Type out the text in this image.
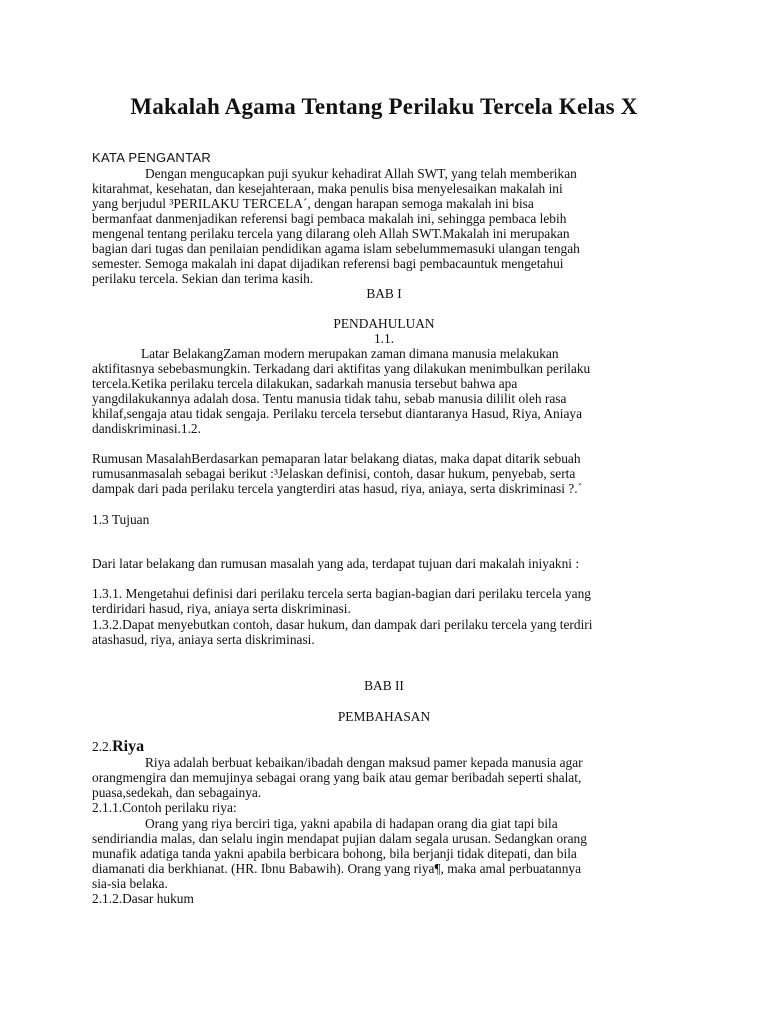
Makalah Agama Tentang Perilaku Tercela Kelas X
KATA PENGANTAR
Dengan mengucapkan puji syukur kehadirat Allah SWT, yang telah memberikan
kitarahmat, kesehatan, dan kesejahteraan, maka penulis bisa menyelesaikan makalah ini
yang berjudul ³PERILAKU TERCELA´, dengan harapan semoga makalah ini bisa
bermanfaat danmenjadikan referensi bagi pembaca makalah ini, sehingga pembaca lebih
mengenal tentang perilaku tercela yang dilarang oleh Allah SWT.Makalah ini merupakan
bagian dari tugas dan penilaian pendidikan agama islam sebelummemasuki ulangan tengah
semester. Semoga makalah ini dapat dijadikan referensi bagi pembacauntuk mengetahui
perilaku tercela. Sekian dan terima kasih.
BAB I
PENDAHULUAN
1.1.
Latar BelakangZaman modern merupakan zaman dimana manusia melakukan
aktifitasnya sebebasmungkin. Terkadang dari aktifitas yang dilakukan menimbulkan perilaku
tercela.Ketika perilaku tercela dilakukan, sadarkah manusia tersebut bahwa apa
yangdilakukannya adalah dosa. Tentu manusia tidak tahu, sebab manusia dililit oleh rasa
khilaf,sengaja atau tidak sengaja. Perilaku tercela tersebut diantaranya Hasud, Riya, Aniaya
dandiskriminasi.1.2.
Rumusan MasalahBerdasarkan pemaparan latar belakang diatas, maka dapat ditarik sebuah
rumusanmasalah sebagai berikut :³Jelaskan definisi, contoh, dasar hukum, penyebab, serta
dampak dari pada perilaku tercela yangterdiri atas hasud, riya, aniaya, serta diskriminasi ?.´
1.3 Tujuan
Dari latar belakang dan rumusan masalah yang ada, terdapat tujuan dari makalah iniyakni :
1.3.1. Mengetahui definisi dari perilaku tercela serta bagian-bagian dari perilaku tercela yang
terdiridari hasud, riya, aniaya serta diskriminasi.
1.3.2.Dapat menyebutkan contoh, dasar hukum, dan dampak dari perilaku tercela yang terdiri
atashasud, riya, aniaya serta diskriminasi.
BAB II
PEMBAHASAN
2.2.Riya
Riya adalah berbuat kebaikan/ibadah dengan maksud pamer kepada manusia agar
orangmengira dan memujinya sebagai orang yang baik atau gemar beribadah seperti shalat,
puasa,sedekah, dan sebagainya.
2.1.1.Contoh perilaku riya:
Orang yang riya berciri tiga, yakni apabila di hadapan orang dia giat tapi bila
sendiriandia malas, dan selalu ingin mendapat pujian dalam segala urusan. Sedangkan orang
munafik adatiga tanda yakni apabila berbicara bohong, bila berjanji tidak ditepati, dan bila
diamanati dia berkhianat. (HR. Ibnu Babawih). Orang yang riya¶, maka amal perbuatannya
sia-sia belaka.
2.1.2.Dasar hukum
